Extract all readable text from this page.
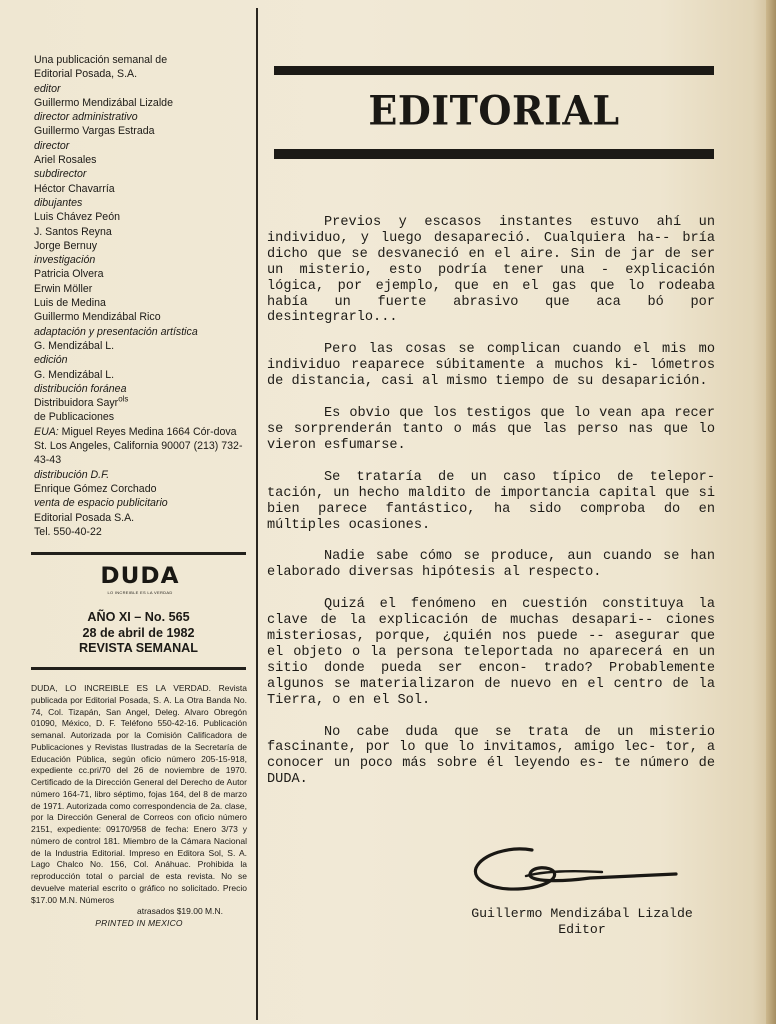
Una publicación semanal de
Editorial Posada, S.A.
editor
Guillermo Mendizábal Lizalde
director administrativo
Guillermo Vargas Estrada
director
Ariel Rosales
subdirector
Héctor Chavarría
dibujantes
Luis Chávez Peón
J. Santos Reyna
Jorge Bernuy
investigación
Patricia Olvera
Erwin Möller
Luis de Medina
Guillermo Mendizábal Rico
adaptación y presentación artística
G. Mendizábal L.
edición
G. Mendizábal L.
distribución foránea
Distribuidora Sayr$^{ols}$
de Publicaciones
EUA: Miguel Reyes Medina 1664 Cór-dova St. Los Angeles, California 90007 (213) 732-43-43
distribución D.F.
Enrique Gómez Corchado
venta de espacio publicitario
Editorial Posada S.A.
Tel. 550-40-22
DUDA
LO INCREIBLE ES LA VERDAD
AÑO XI – No. 565
28 de abril de 1982
REVISTA SEMANAL
DUDA, LO INCREIBLE ES LA VERDAD. Revista publicada por Editorial Posada, S. A. La Otra Banda No. 74, Col. Tizapán, San Angel, Deleg. Alvaro Obregón 01090, México, D. F. Teléfono 550-42-16. Publicación semanal. Autorizada por la Comisión Calificadora de Publicaciones y Revistas Ilustradas de la Secretaría de Educación Pública, según oficio número 205-15-918, expediente cc.pri/70 del 26 de noviembre de 1970. Certificado de la Dirección General del Derecho de Autor número 164-71, libro séptimo, fojas 164, del 8 de marzo de 1971. Autorizada como correspondencia de 2a. clase, por la Dirección General de Correos con oficio número 2151, expediente: 09170/958 de fecha: Enero 3/73 y número de control 181. Miembro de la Cámara Nacional de la Industria Editorial. Impreso en Editora Sol, S. A. Lago Chalco No. 156, Col. Anáhuac. Prohibida la reproducción total o parcial de esta revista. No se devuelve material escrito o gráfico no solicitado. Precio $17.00 M.N. Números
atrasados $19.00 M.N.
PRINTED IN MEXICO
EDITORIAL

Previos y escasos instantes estuvo ahí un individuo, y luego desapareció. Cualquiera ha-- bría dicho que se desvaneció en el aire. Sin de jar de ser un misterio, esto podría tener una - explicación lógica, por ejemplo, que en el gas que lo rodeaba había un fuerte abrasivo que aca bó por desintegrarlo...

Pero las cosas se complican cuando el mis mo individuo reaparece súbitamente a muchos ki- lómetros de distancia, casi al mismo tiempo de su desaparición.

Es obvio que los testigos que lo vean apa recer se sorprenderán tanto o más que las perso nas que lo vieron esfumarse.

Se trataría de un caso típico de telepor- tación, un hecho maldito de importancia capital que si bien parece fantástico, ha sido comproba do en múltiples ocasiones.

Nadie sabe cómo se produce, aun cuando se han elaborado diversas hipótesis al respecto.

Quizá el fenómeno en cuestión constituya la clave de la explicación de muchas desapari-- ciones misteriosas, porque, ¿quién nos puede -- asegurar que el objeto o la persona teleportada no aparecerá en un sitio donde pueda ser encon- trado? Probablemente algunos se materializaron de nuevo en el centro de la Tierra, o en el Sol.

No cabe duda que se trata de un misterio fascinante, por lo que lo invitamos, amigo lec- tor, a conocer un poco más sobre él leyendo es- te número de DUDA.

Guillermo Mendizábal Lizalde
Editor
